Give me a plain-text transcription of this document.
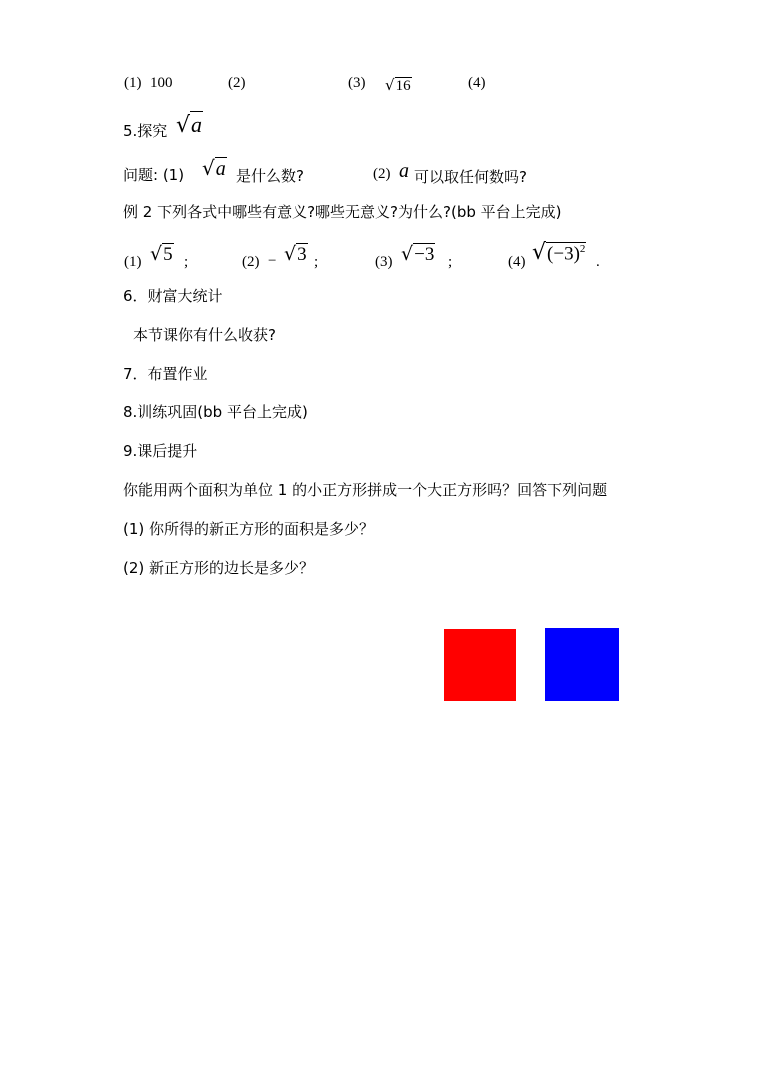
(1) 100	(2)	(3) √16	(4)
5.探究 √a
问题: (1) √a 是什么数?	(2) a 可以取任何数吗?
例 2 下列各式中哪些有意义?哪些无意义?为什么?(bb 平台上完成)
(1) √5 ;	(2) − √3 ;	(3) √−3 ;	(4) $√(-3)^2$
.
6．财富大统计
本节课你有什么收获?
7．布置作业
8.训练巩固(bb 平台上完成)
9.课后提升
你能用两个面积为单位 1 的小正方形拼成一个大正方形吗？回答下列问题
(1) 你所得的新正方形的面积是多少？
(2) 新正方形的边长是多少？
